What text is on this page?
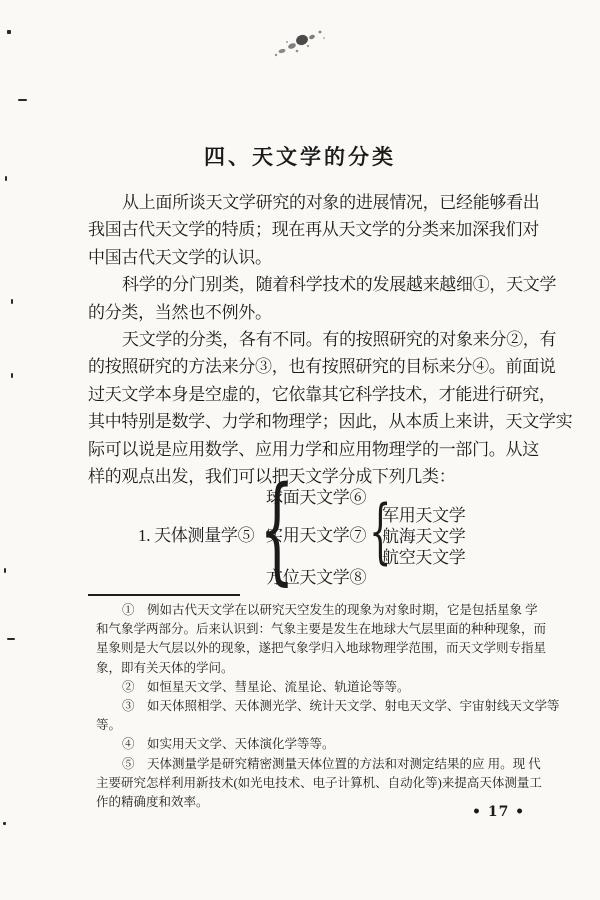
四、天文学的分类
从上面所谈天文学研究的对象的进展情况，已经能够看出
我国古代天文学的特质；现在再从天文学的分类来加深我们对
中国古代天文学的认识。
科学的分门别类，随着科学技术的发展越来越细①，天文学
的分类，当然也不例外。
天文学的分类，各有不同。有的按照研究的对象来分②，有
的按照研究的方法来分③，也有按照研究的目标来分④。前面说
过天文学本身是空虚的，它依靠其它科学技术，才能进行研究，
其中特别是数学、力学和物理学；因此，从本质上来讲，天文学实
际可以说是应用数学、应用力学和应用物理学的一部门。从这
样的观点出发，我们可以把天文学分成下列几类：
1. 天体测量学⑤ {
球面天文学⑥
实用天文学⑦ {
军用天文学
航海天文学
航空天文学
方位天文学⑧
①　例如古代天文学在以研究天空发生的现象为对象时期，它是包括星象 学
和气象学两部分。后来认识到：气象主要是发生在地球大气层里面的种种现象，而
星象则是大气层以外的现象，遂把气象学归入地球物理学范围，而天文学则专指星
象，即有关天体的学问。
②　如恒星天文学、彗星论、流星论、轨道论等等。
③　如天体照相学、天体测光学、统计天文学、射电天文学、宇宙射线天文学等
等。
④　如实用天文学、天体演化学等等。
⑤　天体测量学是研究精密测量天体位置的方法和对测定结果的应 用。现 代
主要研究怎样利用新技术(如光电技术、电子计算机、自动化等)来提高天体测量工
作的精确度和效率。
• 17 •
